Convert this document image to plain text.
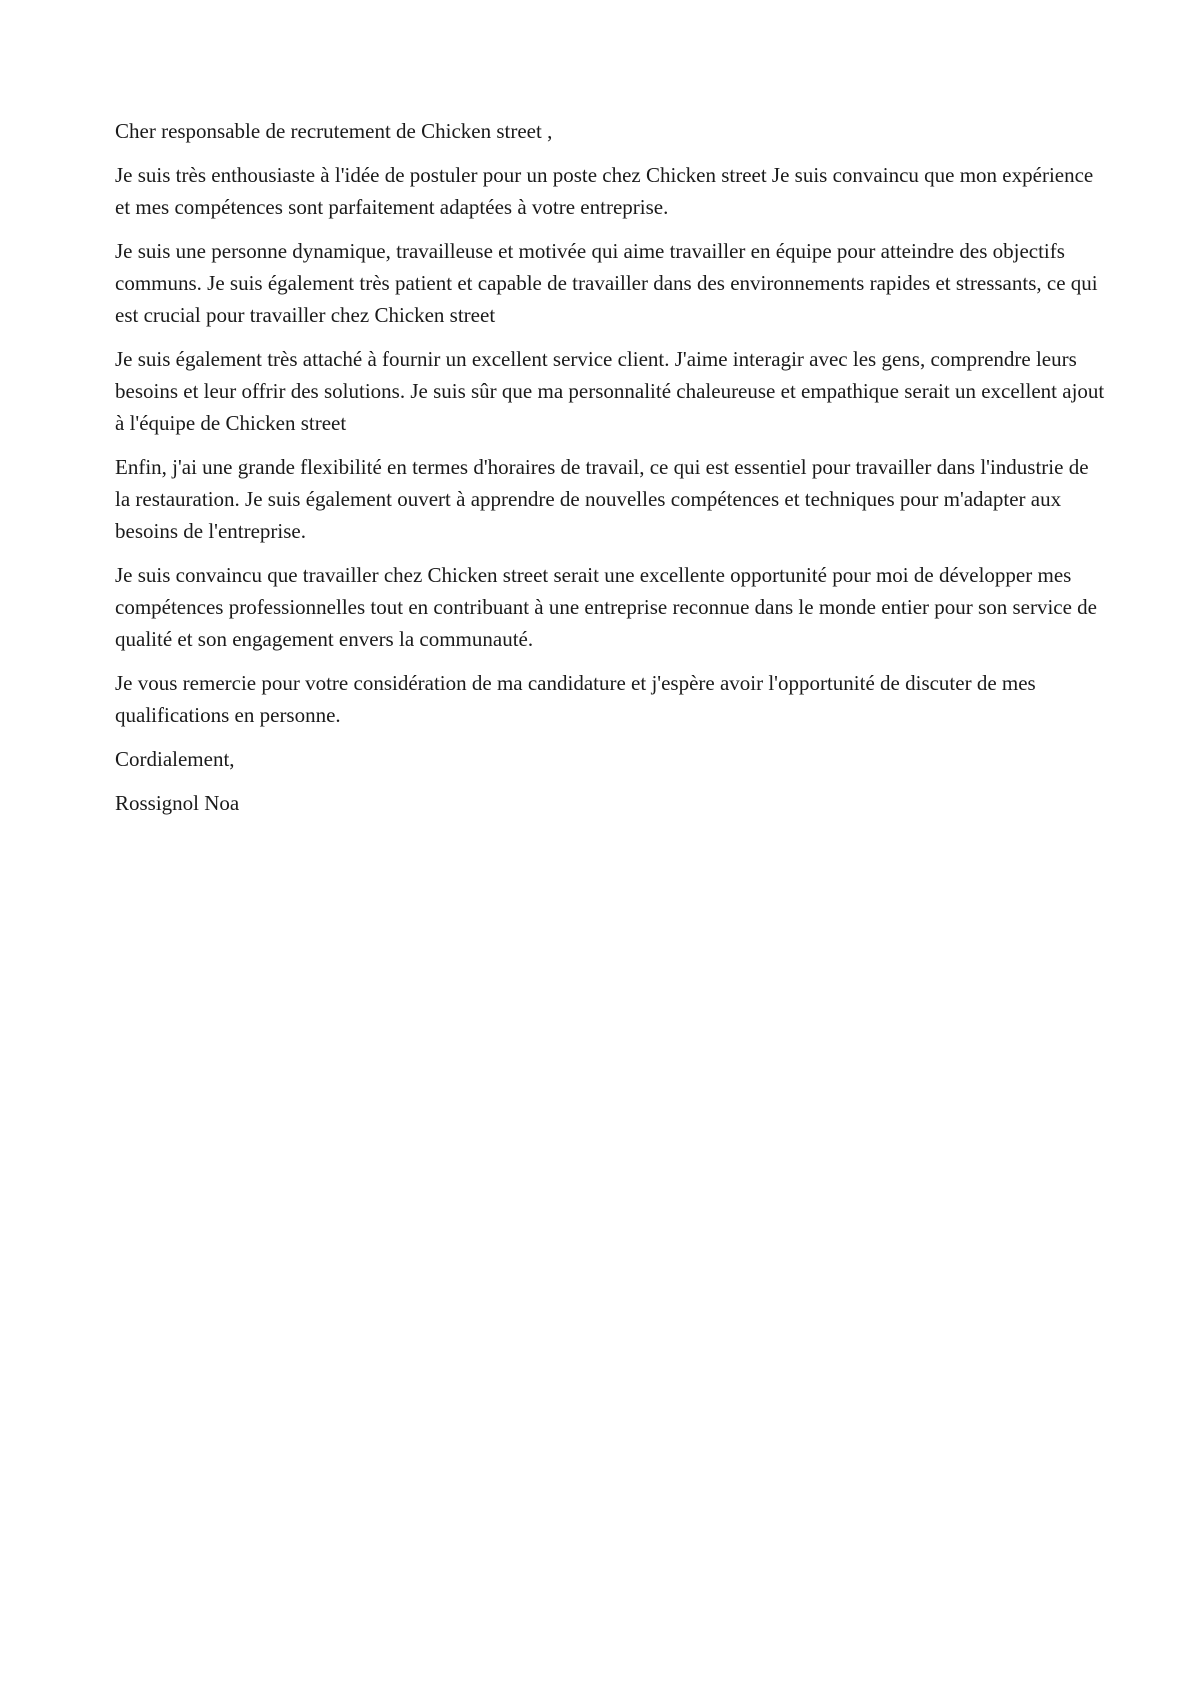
Cher responsable de recrutement de Chicken street ,

Je suis très enthousiaste à l'idée de postuler pour un poste chez Chicken street Je suis convaincu que mon expérience et mes compétences sont parfaitement adaptées à votre entreprise.

Je suis une personne dynamique, travailleuse et motivée qui aime travailler en équipe pour atteindre des objectifs communs. Je suis également très patient et capable de travailler dans des environnements rapides et stressants, ce qui est crucial pour travailler chez Chicken street

Je suis également très attaché à fournir un excellent service client. J'aime interagir avec les gens, comprendre leurs besoins et leur offrir des solutions. Je suis sûr que ma personnalité chaleureuse et empathique serait un excellent ajout à l'équipe de Chicken street

Enfin, j'ai une grande flexibilité en termes d'horaires de travail, ce qui est essentiel pour travailler dans l'industrie de la restauration. Je suis également ouvert à apprendre de nouvelles compétences et techniques pour m'adapter aux besoins de l'entreprise.

Je suis convaincu que travailler chez Chicken street serait une excellente opportunité pour moi de développer mes compétences professionnelles tout en contribuant à une entreprise reconnue dans le monde entier pour son service de qualité et son engagement envers la communauté.

Je vous remercie pour votre considération de ma candidature et j'espère avoir l'opportunité de discuter de mes qualifications en personne.

Cordialement,

Rossignol Noa
